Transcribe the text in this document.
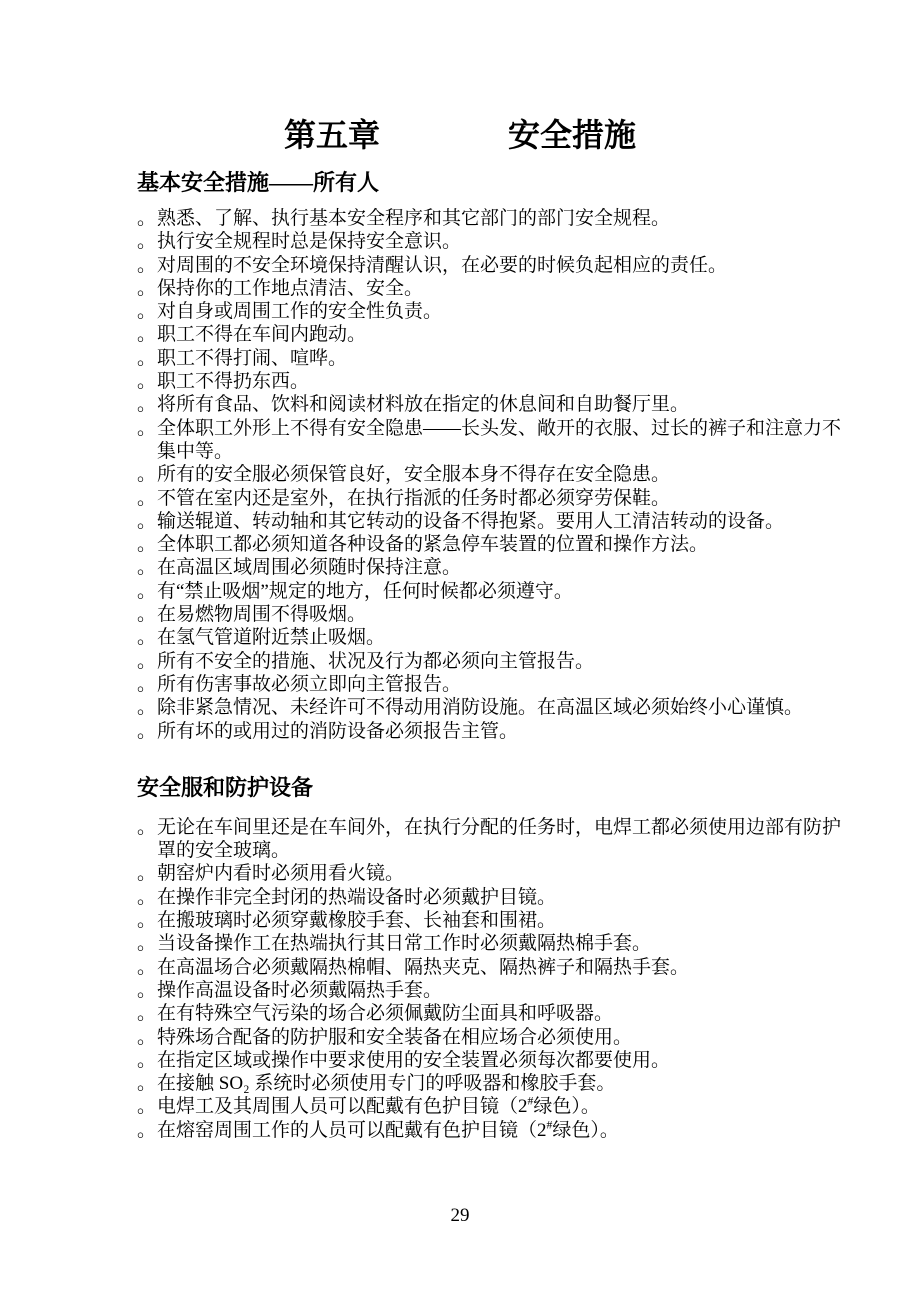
第五章	安全措施
基本安全措施——所有人
。 熟悉、了解、执行基本安全程序和其它部门的部门安全规程。
。 执行安全规程时总是保持安全意识。
。 对周围的不安全环境保持清醒认识，在必要的时候负起相应的责任。
。 保持你的工作地点清洁、安全。
。 对自身或周围工作的安全性负责。
。 职工不得在车间内跑动。
。 职工不得打闹、喧哗。
。 职工不得扔东西。
。 将所有食品、饮料和阅读材料放在指定的休息间和自助餐厅里。
。 全体职工外形上不得有安全隐患——长头发、敞开的衣服、过长的裤子和注意力不集中等。
。 所有的安全服必须保管良好，安全服本身不得存在安全隐患。
。 不管在室内还是室外，在执行指派的任务时都必须穿劳保鞋。
。 输送辊道、转动轴和其它转动的设备不得抱紧。要用人工清洁转动的设备。
。 全体职工都必须知道各种设备的紧急停车装置的位置和操作方法。
。 在高温区域周围必须随时保持注意。
。 有“禁止吸烟”规定的地方，任何时候都必须遵守。
。 在易燃物周围不得吸烟。
。 在氢气管道附近禁止吸烟。
。 所有不安全的措施、状况及行为都必须向主管报告。
。 所有伤害事故必须立即向主管报告。
。 除非紧急情况、未经许可不得动用消防设施。在高温区域必须始终小心谨慎。
。 所有坏的或用过的消防设备必须报告主管。
安全服和防护设备
。 无论在车间里还是在车间外，在执行分配的任务时，电焊工都必须使用边部有防护罩的安全玻璃。
。 朝窑炉内看时必须用看火镜。
。 在操作非完全封闭的热端设备时必须戴护目镜。
。 在搬玻璃时必须穿戴橡胶手套、长袖套和围裙。
。 当设备操作工在热端执行其日常工作时必须戴隔热棉手套。
。 在高温场合必须戴隔热棉帽、隔热夹克、隔热裤子和隔热手套。
。 操作高温设备时必须戴隔热手套。
。 在有特殊空气污染的场合必须佩戴防尘面具和呼吸器。
。 特殊场合配备的防护服和安全装备在相应场合必须使用。
。 在指定区域或操作中要求使用的安全装置必须每次都要使用。
。 在接触 SO₂ 系统时必须使用专门的呼吸器和橡胶手套。
。 电焊工及其周围人员可以配戴有色护目镜（2#绿色）。
。 在熔窑周围工作的人员可以配戴有色护目镜（2#绿色）。
29
